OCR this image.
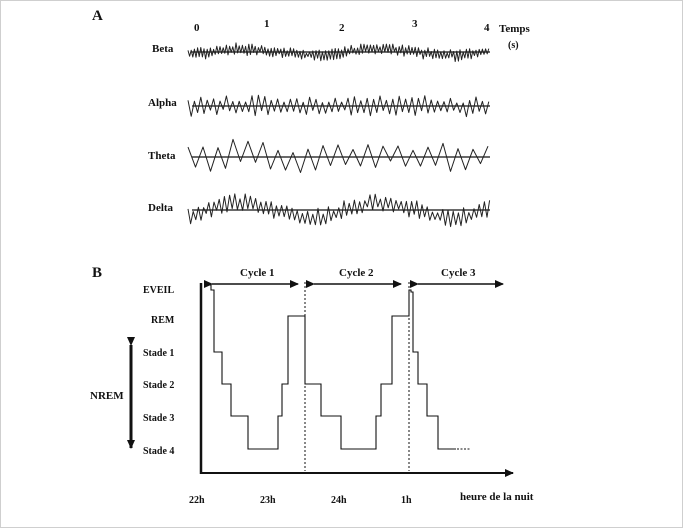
A
0	1	2	3	4 Temps
(s)
Beta
Alpha
Theta
Delta
B
EVEIL
REM
Stade 1
Stade 2
Stade 3
Stade 4
NREM
Cycle 1	Cycle 2	Cycle 3
22h	23h	24h	1h	heure de la nuit
